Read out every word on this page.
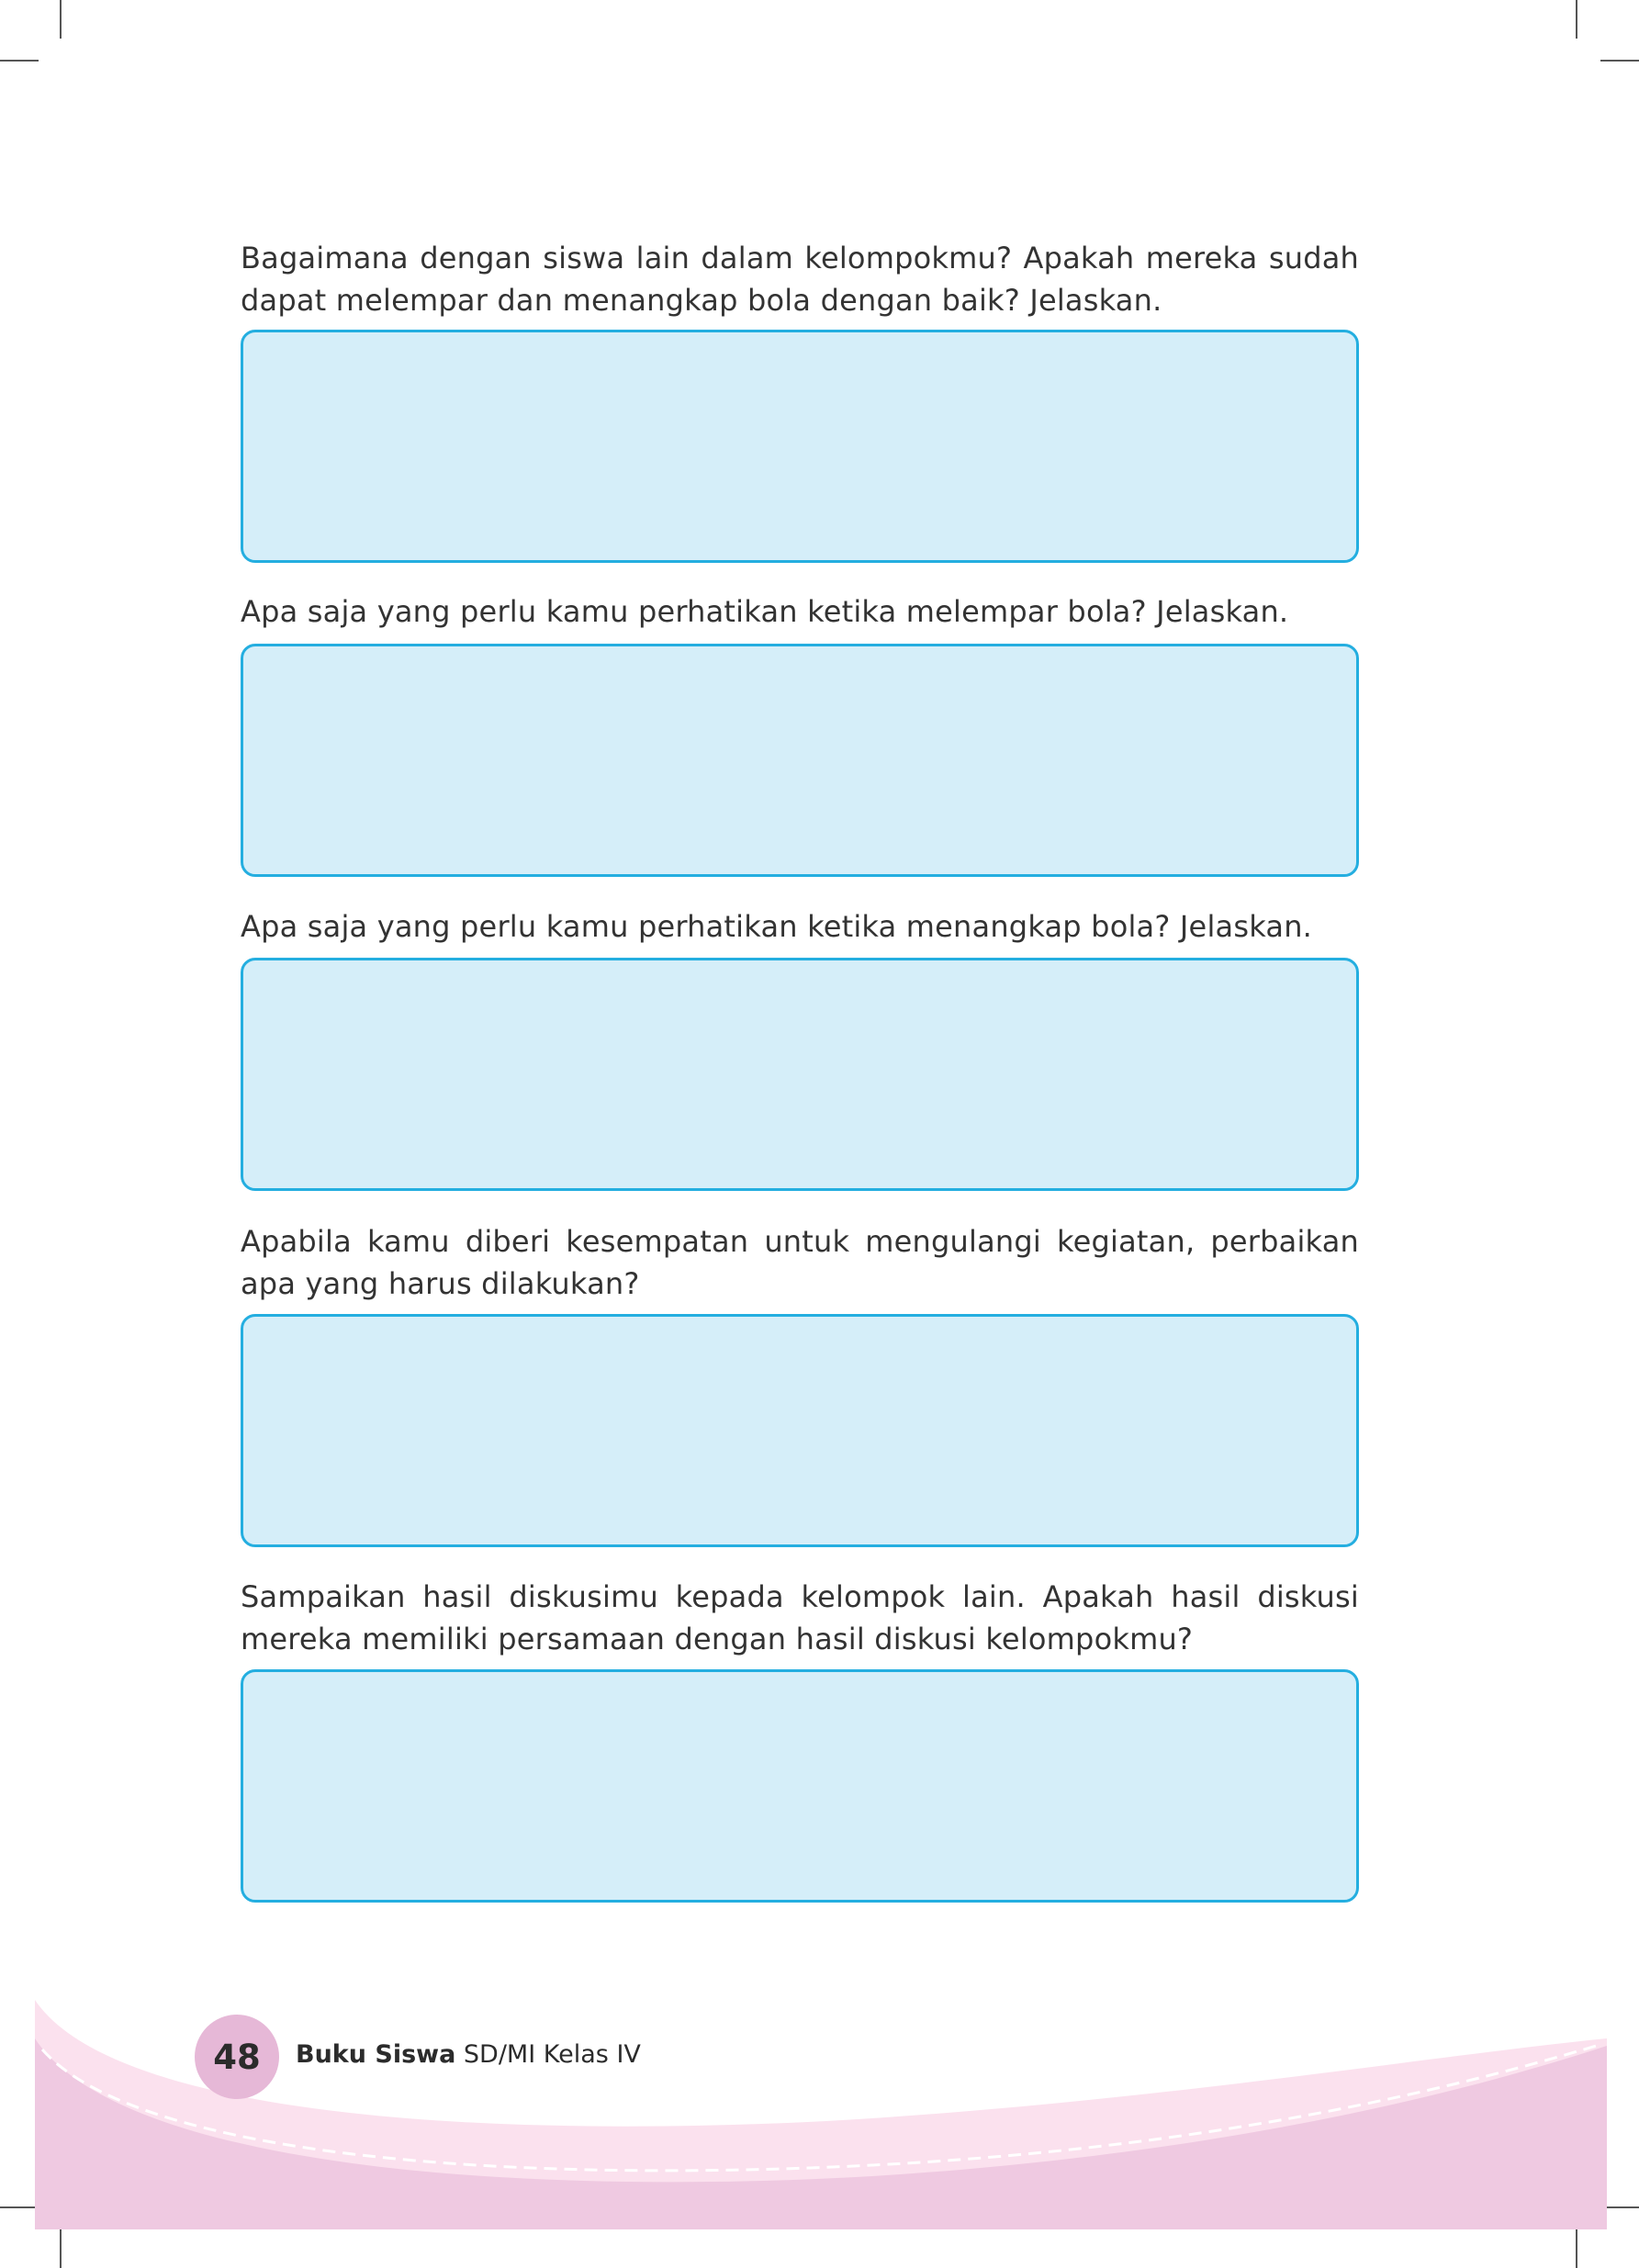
Bagaimana dengan siswa lain dalam kelompokmu? Apakah mereka sudah dapat melempar dan menangkap bola dengan baik? Jelaskan.
Apa saja yang perlu kamu perhatikan ketika melempar bola? Jelaskan.
Apa saja yang perlu kamu perhatikan ketika menangkap bola? Jelaskan.
Apabila kamu diberi kesempatan untuk mengulangi kegiatan, perbaikan apa yang harus dilakukan?
Sampaikan hasil diskusimu kepada kelompok lain. Apakah hasil diskusi mereka memiliki persamaan dengan hasil diskusi kelompokmu?
48 Buku Siswa SD/MI Kelas IV
